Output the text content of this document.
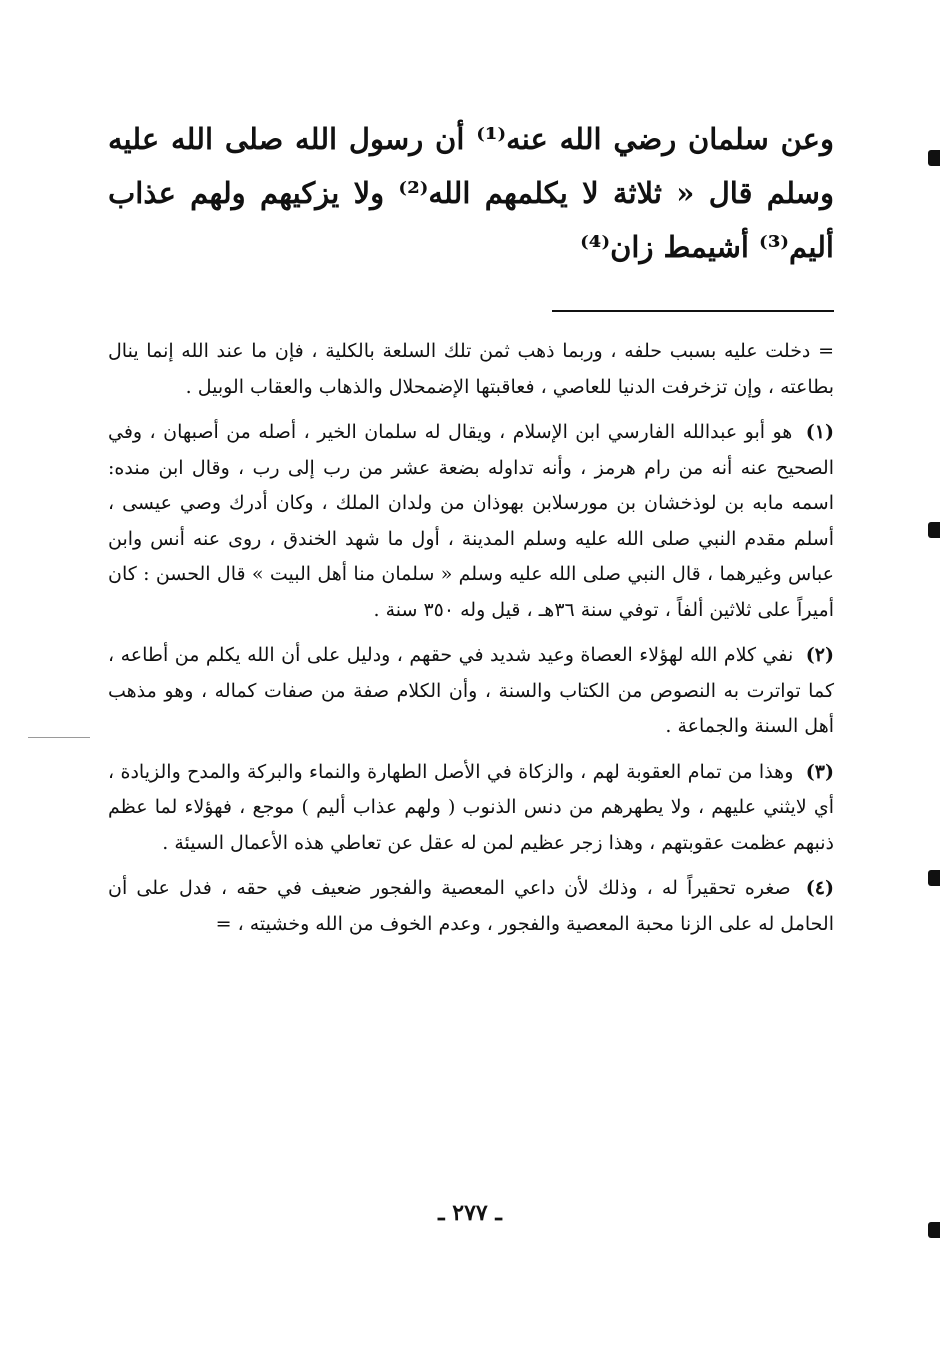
وعن سلمان رضي الله عنه⁽¹⁾ أن رسول الله صلى الله عليه وسلم قال « ثلاثة لا يكلمهم الله⁽²⁾ ولا يزكيهم ولهم عذاب أليم⁽³⁾ أشيمط زان⁽⁴⁾

= دخلت عليه بسبب حلفه ، وربما ذهب ثمن تلك السلعة بالكلية ، فإن ما عند الله إنما ينال بطاعته ، وإن تزخرفت الدنيا للعاصي ، فعاقبتها الإضمحلال والذهاب والعقاب الوبيل .

(١) هو أبو عبدالله الفارسي ابن الإسلام ، ويقال له سلمان الخير ، أصله من أصبهان ، وفي الصحيح عنه أنه من رام هرمز ، وأنه تداوله بضعة عشر من رب إلى رب ، وقال ابن منده: اسمه مابه بن لوذخشان بن مورسلابن بهوذان من ولدان الملك ، وكان أدرك وصي عيسى ، أسلم مقدم النبي صلى الله عليه وسلم المدينة ، أول ما شهد الخندق ، روى عنه أنس وابن عباس وغيرهما ، قال النبي صلى الله عليه وسلم « سلمان منا أهل البيت » قال الحسن : كان أميراً على ثلاثين ألفاً ، توفي سنة ٣٦هـ ، قيل وله ٣٥٠ سنة .

(٢) نفي كلام الله لهؤلاء العصاة وعيد شديد في حقهم ، ودليل على أن الله يكلم من أطاعه ، كما تواترت به النصوص من الكتاب والسنة ، وأن الكلام صفة من صفات كماله ، وهو مذهب أهل السنة والجماعة .

(٣) وهذا من تمام العقوبة لهم ، والزكاة في الأصل الطهارة والنماء والبركة والمدح والزيادة ، أي لايثني عليهم ، ولا يطهرهم من دنس الذنوب ( ولهم عذاب أليم ) موجع ، فهؤلاء لما عظم ذنبهم عظمت عقوبتهم ، وهذا زجر عظيم لمن له عقل عن تعاطي هذه الأعمال السيئة .

(٤) صغره تحقيراً له ، وذلك لأن داعي المعصية والفجور ضعيف في حقه ، فدل على أن الحامل له على الزنا محبة المعصية والفجور ، وعدم الخوف من الله وخشيته ، =

ـ ٢٧٧ ـ
